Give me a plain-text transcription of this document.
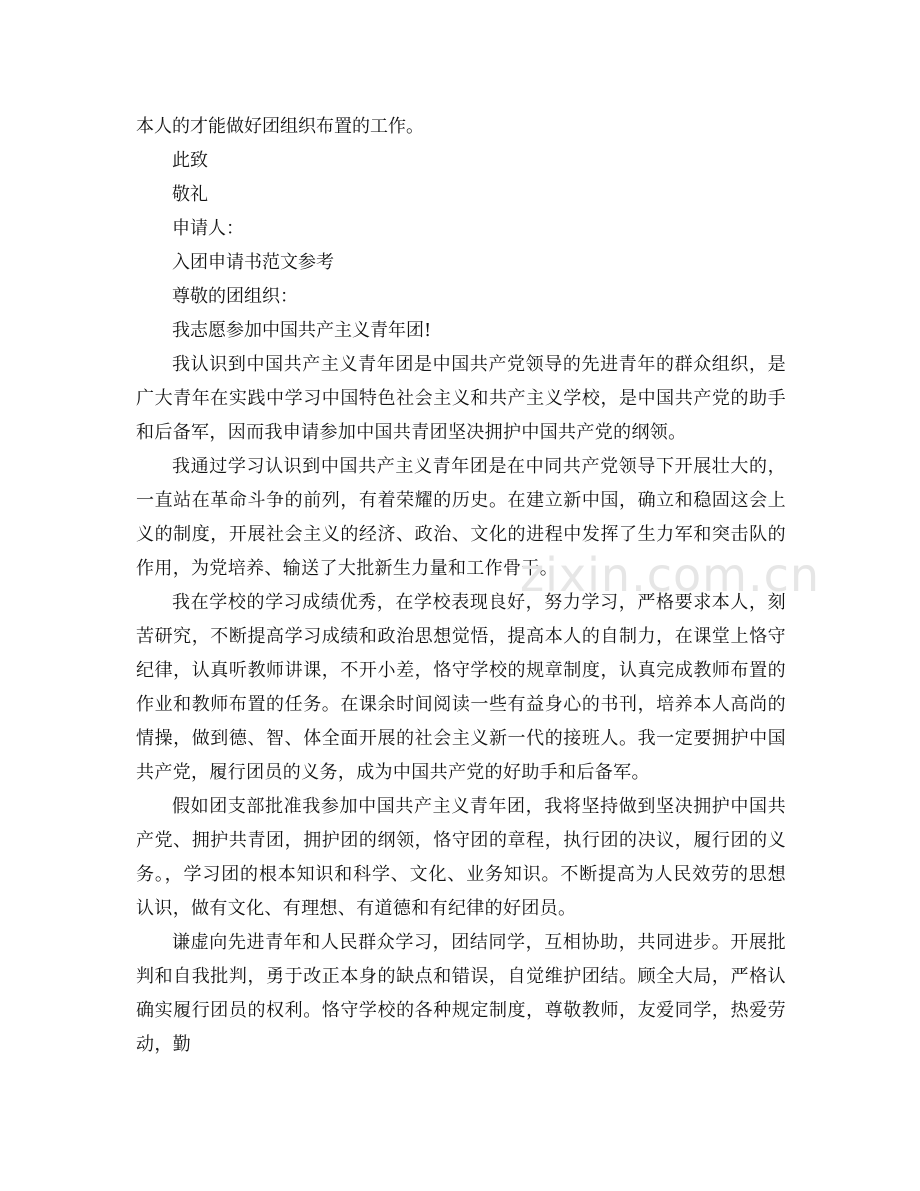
本人的才能做好团组织布置的工作。

此致

敬礼

申请人：

入团申请书范文参考

尊敬的团组织：

我志愿参加中国共产主义青年团!

我认识到中国共产主义青年团是中国共产党领导的先进青年的群众组织，是广大青年在实践中学习中国特色社会主义和共产主义学校，是中国共产党的助手和后备军，因而我申请参加中国共青团坚决拥护中国共产党的纲领。

我通过学习认识到中国共产主义青年团是在中同共产党领导下开展壮大的，一直站在革命斗争的前列，有着荣耀的历史。在建立新中国，确立和稳固这会上义的制度，开展社会主义的经济、政治、文化的进程中发挥了生力军和突击队的作用，为党培养、输送了大批新生力量和工作骨干。

我在学校的学习成绩优秀，在学校表现良好，努力学习，严格要求本人，刻苦研究，不断提高学习成绩和政治思想觉悟，提高本人的自制力，在课堂上恪守纪律，认真听教师讲课，不开小差，恪守学校的规章制度，认真完成教师布置的作业和教师布置的任务。在课余时间阅读一些有益身心的书刊，培养本人高尚的情操，做到德、智、体全面开展的社会主义新一代的接班人。我一定要拥护中国共产党，履行团员的义务，成为中国共产党的好助手和后备军。

假如团支部批准我参加中国共产主义青年团，我将坚持做到坚决拥护中国共产党、拥护共青团，拥护团的纲领，恪守团的章程，执行团的决议，履行团的义务。，学习团的根本知识和科学、文化、业务知识。不断提高为人民效劳的思想认识，做有文化、有理想、有道德和有纪律的好团员。

谦虚向先进青年和人民群众学习，团结同学，互相协助，共同进步。开展批判和自我批判，勇于改正本身的缺点和错误，自觉维护团结。顾全大局，严格认确实履行团员的权利。恪守学校的各种规定制度，尊敬教师，友爱同学，热爱劳动，勤

zixin.com.cn
